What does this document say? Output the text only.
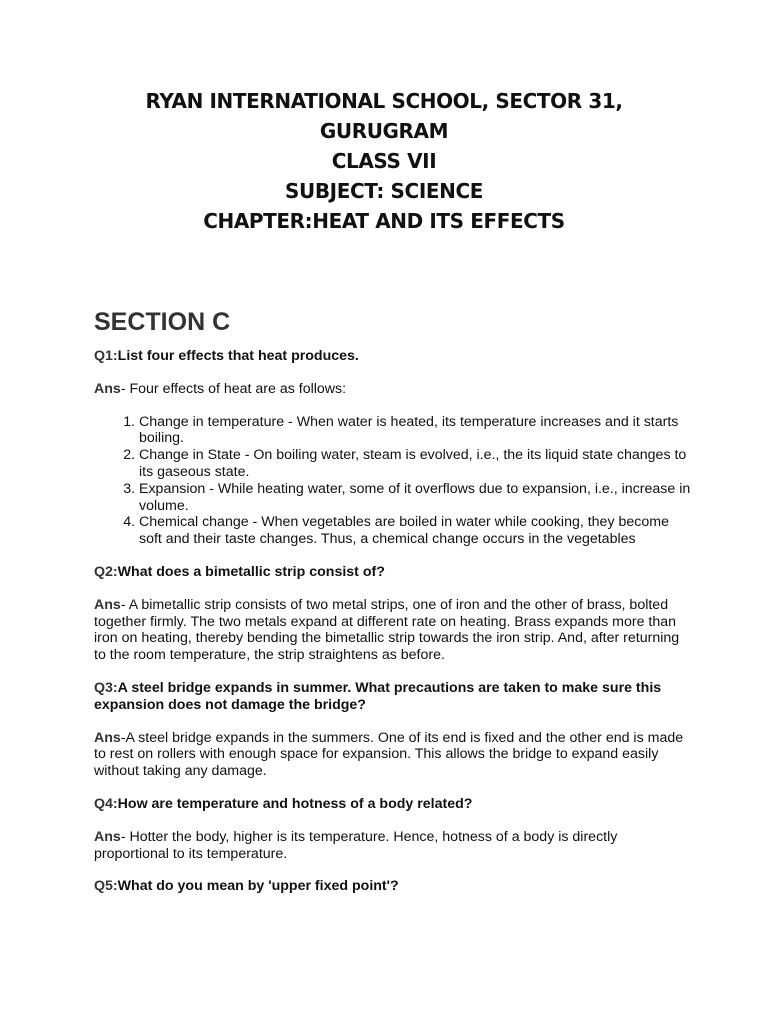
RYAN INTERNATIONAL SCHOOL, SECTOR 31,
GURUGRAM
CLASS VII
SUBJECT: SCIENCE
CHAPTER:HEAT AND ITS EFFECTS
SECTION C
Q1:List four effects that heat produces.

Ans- Four effects of heat are as follows:

1. Change in temperature - When water is heated, its temperature increases and it starts boiling.
2. Change in State - On boiling water, steam is evolved, i.e., the its liquid state changes to its gaseous state.
3. Expansion - While heating water, some of it overflows due to expansion, i.e., increase in volume.
4. Chemical change - When vegetables are boiled in water while cooking, they become soft and their taste changes. Thus, a chemical change occurs in the vegetables
Q2:What does a bimetallic strip consist of?

Ans- A bimetallic strip consists of two metal strips, one of iron and the other of brass, bolted together firmly. The two metals expand at different rate on heating. Brass expands more than iron on heating, thereby bending the bimetallic strip towards the iron strip. And, after returning to the room temperature, the strip straightens as before.

Q3:A steel bridge expands in summer. What precautions are taken to make sure this expansion does not damage the bridge?

Ans-A steel bridge expands in the summers. One of its end is fixed and the other end is made to rest on rollers with enough space for expansion. This allows the bridge to expand easily without taking any damage.

Q4:How are temperature and hotness of a body related?

Ans- Hotter the body, higher is its temperature. Hence, hotness of a body is directly proportional to its temperature.

Q5:What do you mean by 'upper fixed point'?
